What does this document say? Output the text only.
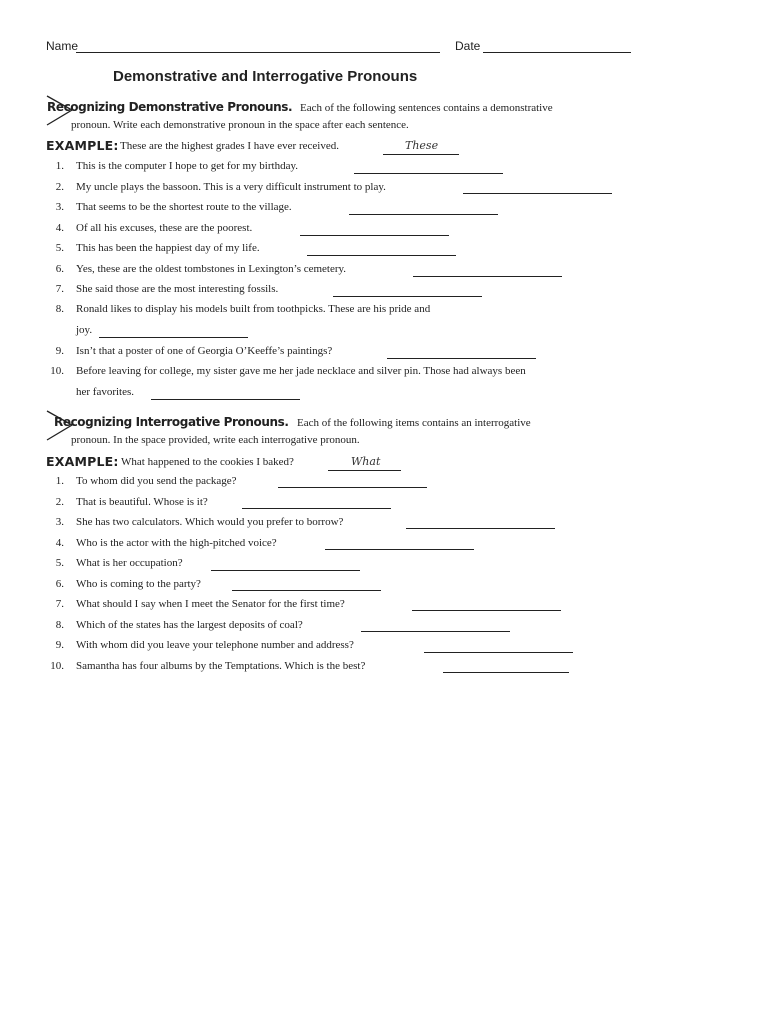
Name	Date
Demonstrative and Interrogative Pronouns
Recognizing Demonstrative Pronouns. Each of the following sentences contains a demonstrative
pronoun. Write each demonstrative pronoun in the space after each sentence.
EXAMPLE: These are the highest grades I have ever received.	These
1. This is the computer I hope to get for my birthday.
2. My uncle plays the bassoon. This is a very difficult instrument to play.
3. That seems to be the shortest route to the village.
4. Of all his excuses, these are the poorest.
5. This has been the happiest day of my life.
6. Yes, these are the oldest tombstones in Lexington’s cemetery.
7. She said those are the most interesting fossils.
8. Ronald likes to display his models built from toothpicks. These are his pride and
joy.
9. Isn’t that a poster of one of Georgia O’Keeffe’s paintings?
10. Before leaving for college, my sister gave me her jade necklace and silver pin. Those had always been
her favorites.
Recognizing Interrogative Pronouns. Each of the following items contains an interrogative
pronoun. In the space provided, write each interrogative pronoun.
EXAMPLE: What happened to the cookies I baked?	What
1. To whom did you send the package?
2. That is beautiful. Whose is it?
3. She has two calculators. Which would you prefer to borrow?
4. Who is the actor with the high-pitched voice?
5. What is her occupation?
6. Who is coming to the party?
7. What should I say when I meet the Senator for the first time?
8. Which of the states has the largest deposits of coal?
9. With whom did you leave your telephone number and address?
10. Samantha has four albums by the Temptations. Which is the best?
